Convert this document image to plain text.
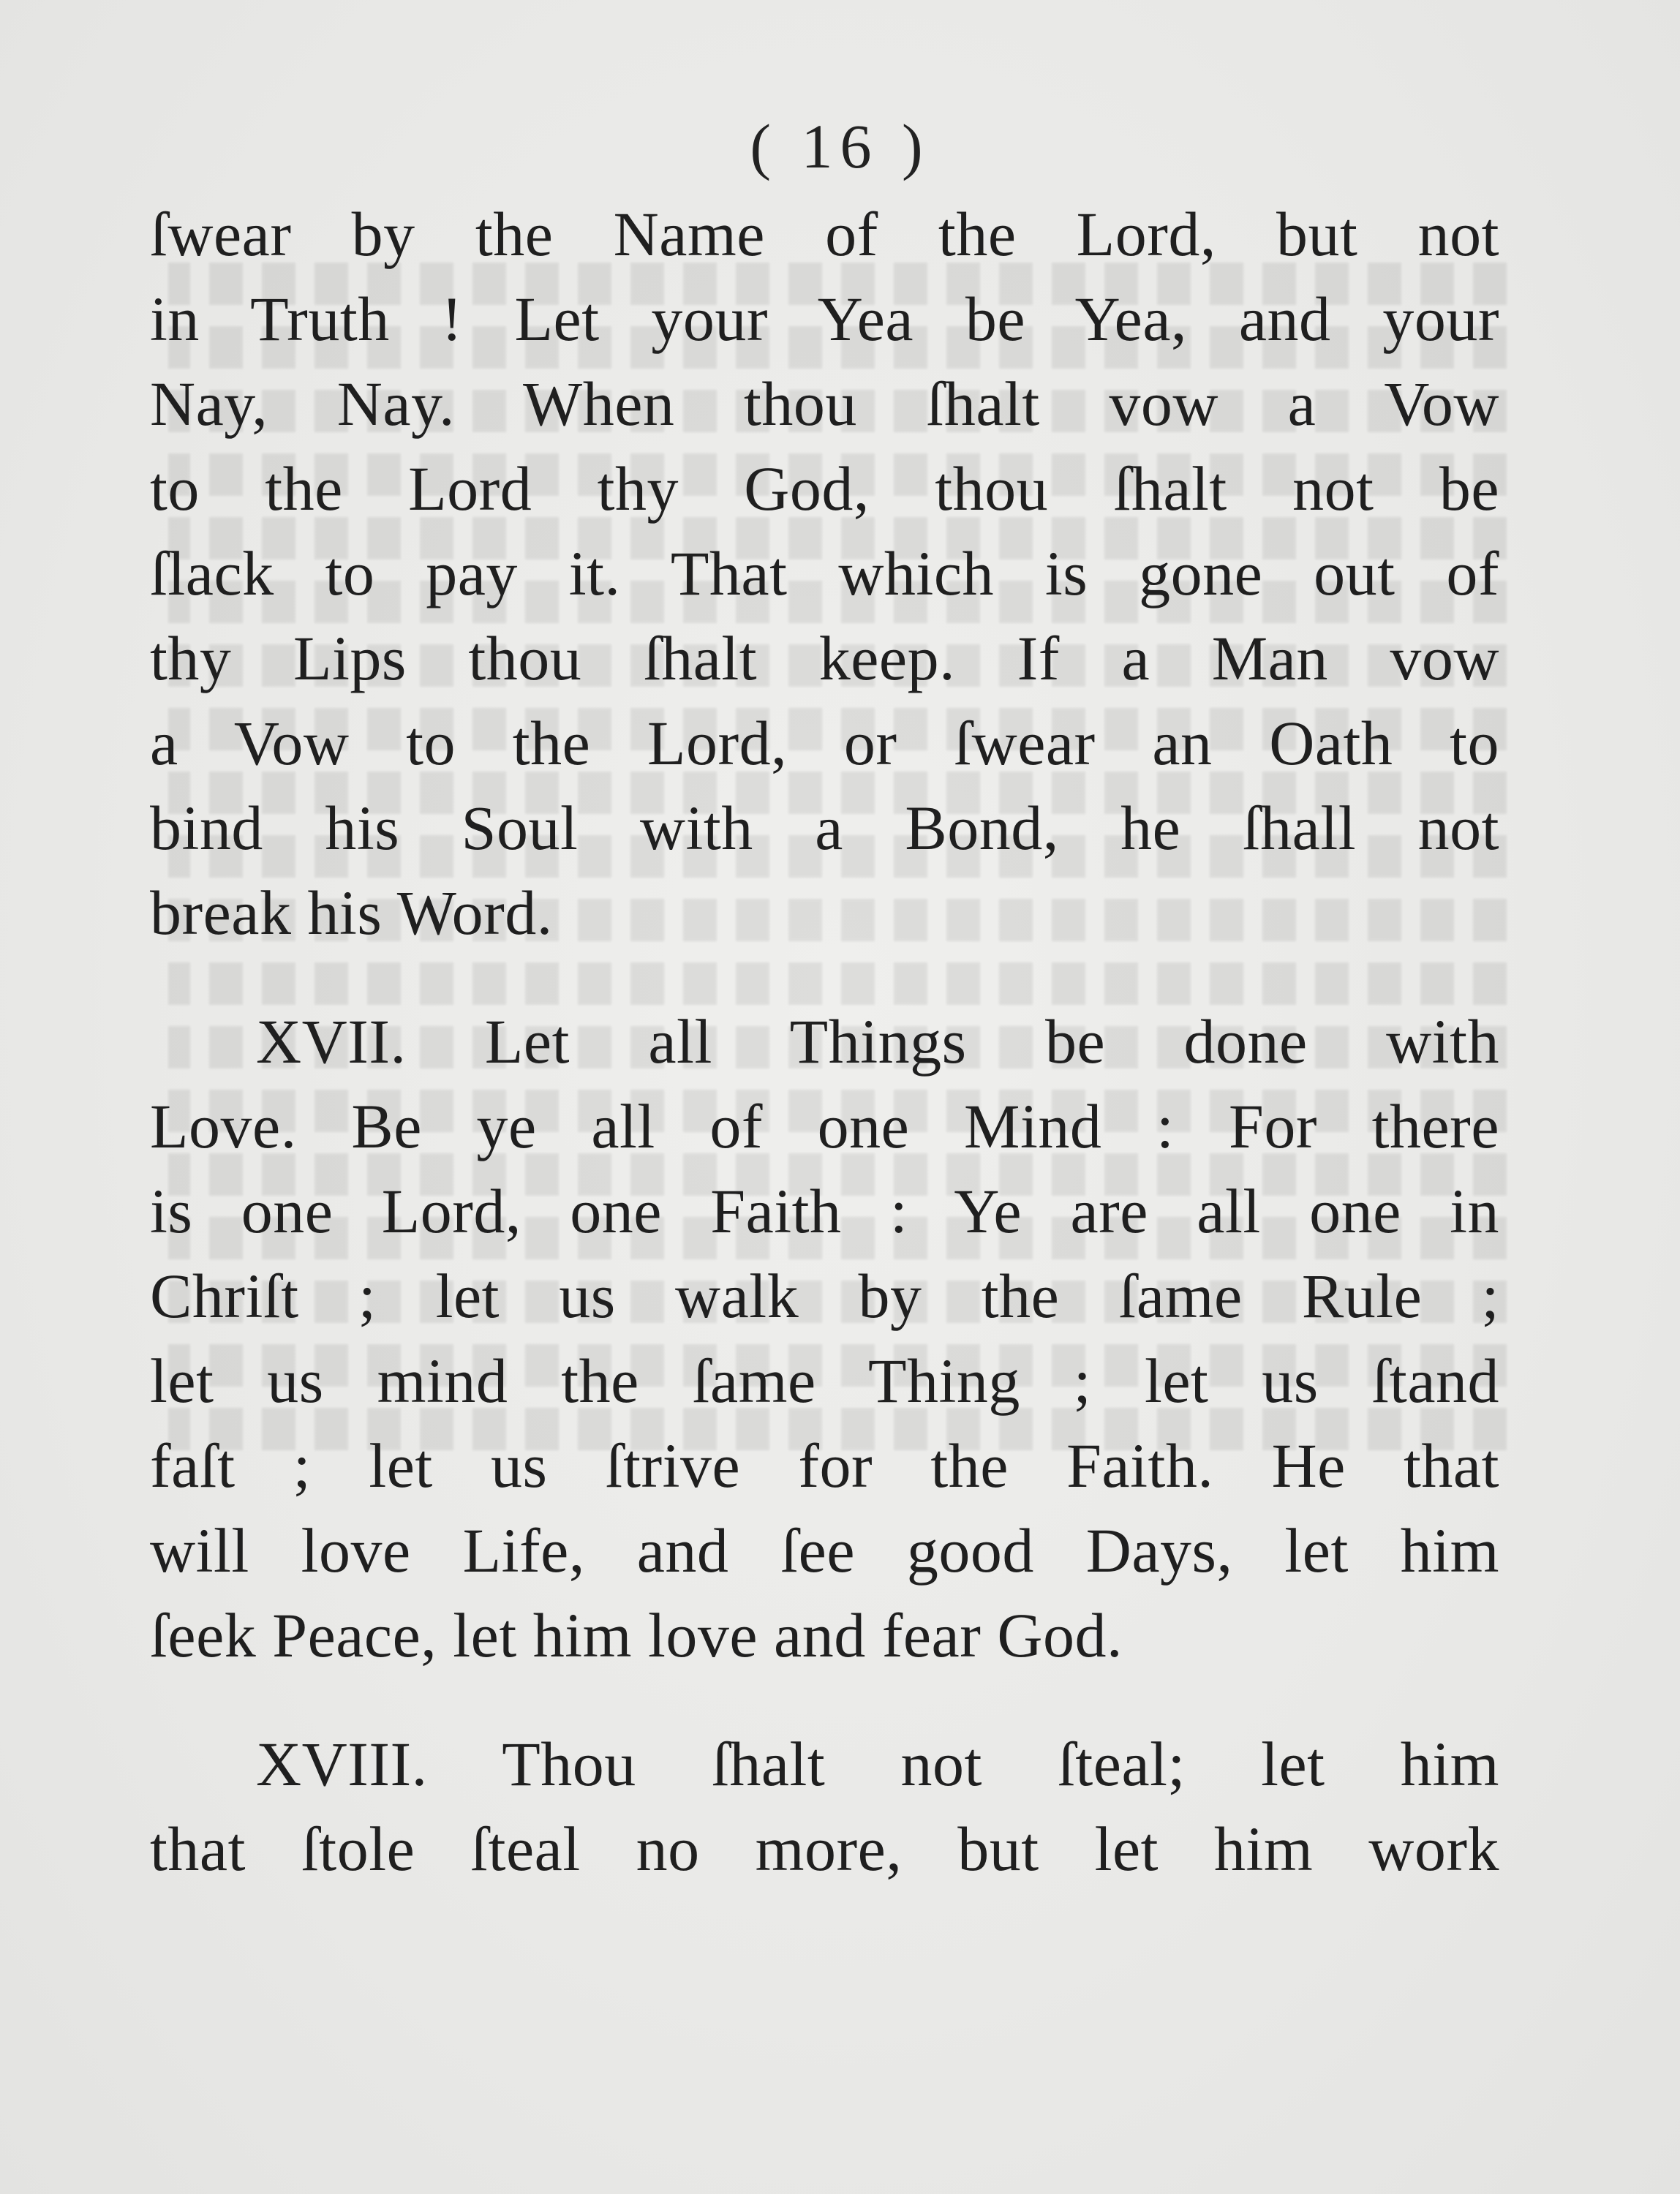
( 16 )
ſwear by the Name of the Lord, but not
in Truth ! Let your Yea be Yea, and your
Nay, Nay. When thou ſhalt vow a Vow
to the Lord thy God, thou ſhalt not be
ſlack to pay it. That which is gone out of
thy Lips thou ſhalt keep. If a Man vow
a Vow to the Lord, or ſwear an Oath to
bind his Soul with a Bond, he ſhall not
break his Word.
XVII. Let all Things be done with
Love. Be ye all of one Mind : For there
is one Lord, one Faith : Ye are all one in
Chriſt ; let us walk by the ſame Rule ;
let us mind the ſame Thing ; let us ſtand
faſt ; let us ſtrive for the Faith. He that
will love Life, and ſee good Days, let him
ſeek Peace, let him love and fear God.
XVIII. Thou ſhalt not ſteal; let him
that ſtole ſteal no more, but let him work
